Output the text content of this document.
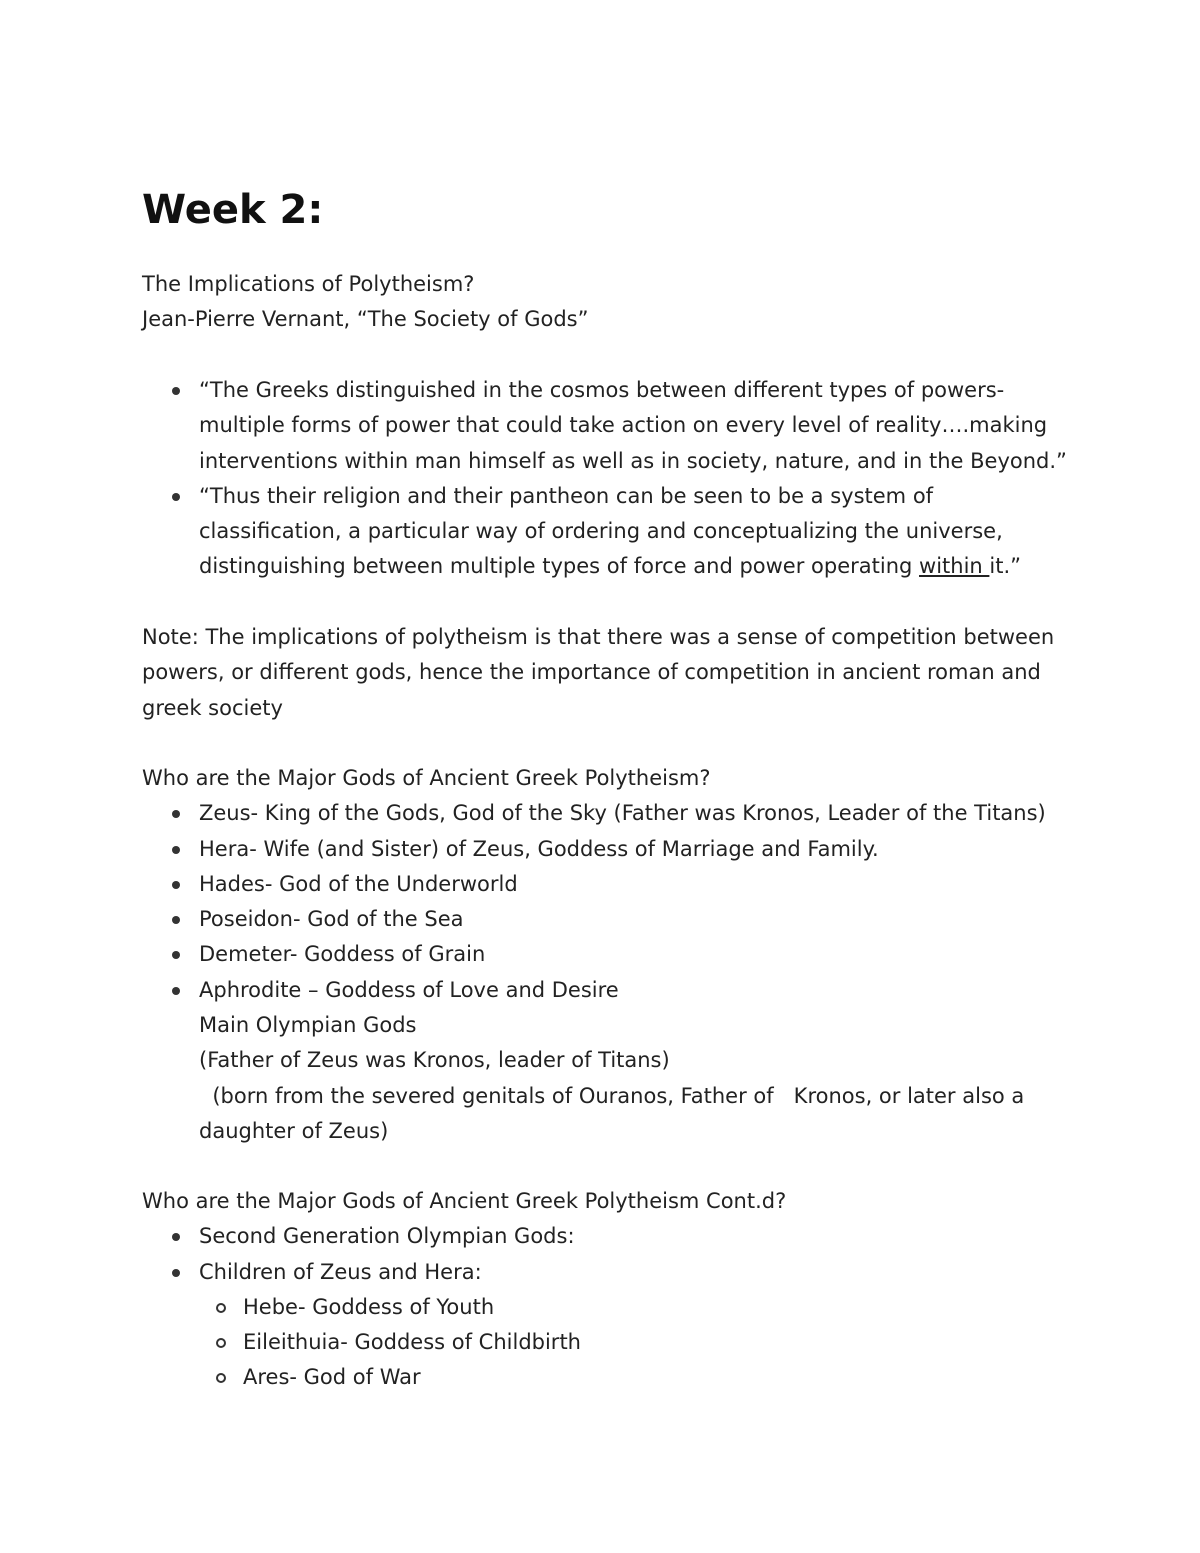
Week 2:

The Implications of Polytheism?

Jean-Pierre Vernant, “The Society of Gods”

“The Greeks distinguished in the cosmos between different types of powers-
multiple forms of power that could take action on every level of reality….making
interventions within man himself as well as in society, nature, and in the Beyond.”
“Thus their religion and their pantheon can be seen to be a system of
classification, a particular way of ordering and conceptualizing the universe,
distinguishing between multiple types of force and power operating within it.”

Note: The implications of polytheism is that there was a sense of competition between

powers, or different gods, hence the importance of competition in ancient roman and

greek society

Who are the Major Gods of Ancient Greek Polytheism?

Zeus- King of the Gods, God of the Sky (Father was Kronos, Leader of the Titans)
Hera- Wife (and Sister) of Zeus, Goddess of Marriage and Family.
Hades- God of the Underworld
Poseidon- God of the Sea
Demeter- Goddess of Grain
Aphrodite – Goddess of Love and Desire

Main Olympian Gods

(Father of Zeus was Kronos, leader of Titans)

(born from the severed genitals of Ouranos, Father of   Kronos, or later also a

daughter of Zeus)

Who are the Major Gods of Ancient Greek Polytheism Cont.d?

Second Generation Olympian Gods:
Children of Zeus and Hera:
Hebe- Goddess of Youth
Eileithuia- Goddess of Childbirth
Ares- God of War
